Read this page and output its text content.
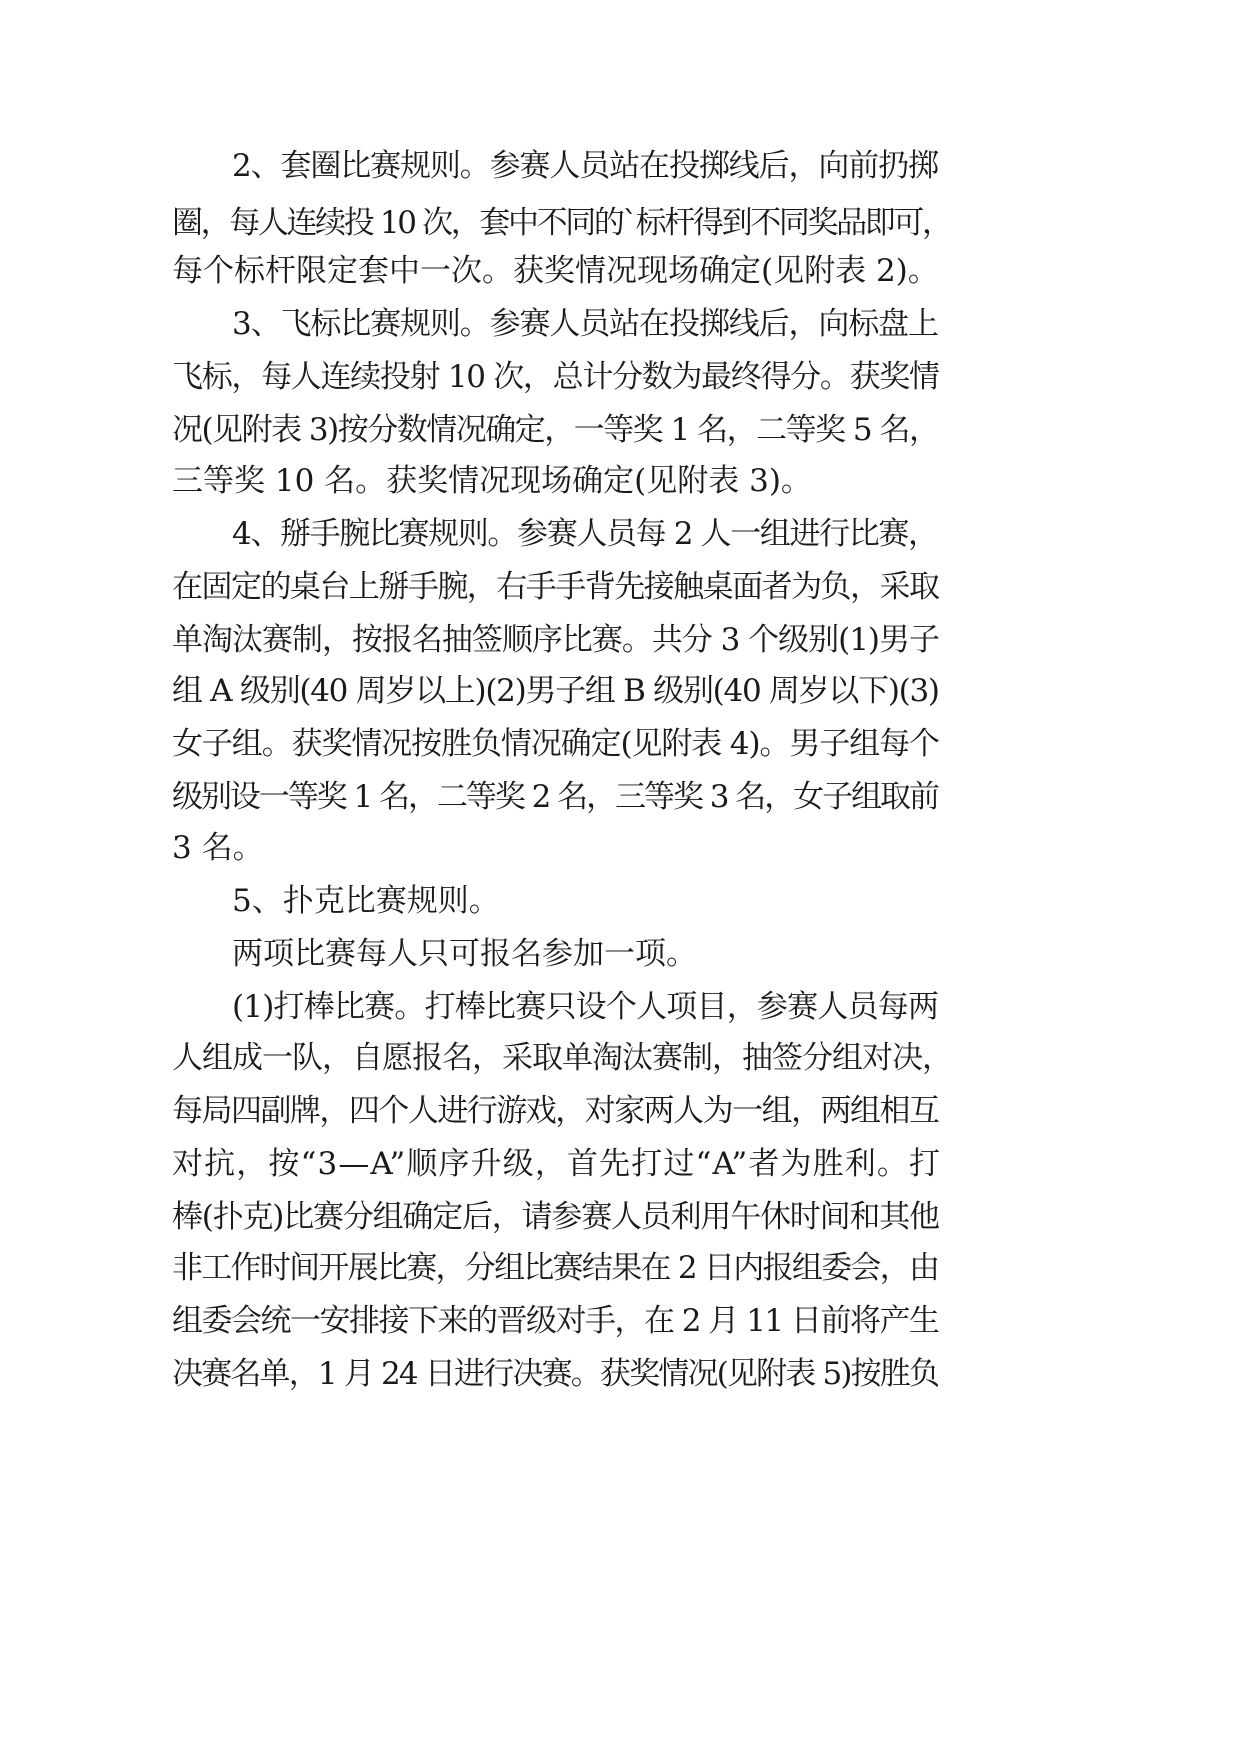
2、套圈比赛规则。参赛人员站在投掷线后，向前扔掷
圈，每人连续投 10 次，套中不同的`标杆得到不同奖品即可，
每个标杆限定套中一次。获奖情况现场确定(见附表 2)。
3、飞标比赛规则。参赛人员站在投掷线后，向标盘上
飞标，每人连续投射 10 次，总计分数为最终得分。获奖情
况(见附表 3)按分数情况确定，一等奖 1 名，二等奖 5 名，
三等奖 10 名。获奖情况现场确定(见附表 3)。
4、掰手腕比赛规则。参赛人员每 2 人一组进行比赛，
在固定的桌台上掰手腕，右手手背先接触桌面者为负，采取
单淘汰赛制，按报名抽签顺序比赛。共分 3 个级别(1)男子
组 A 级别(40 周岁以上)(2)男子组 B 级别(40 周岁以下)(3)
女子组。获奖情况按胜负情况确定(见附表 4)。男子组每个
级别设一等奖 1 名，二等奖 2 名，三等奖 3 名，女子组取前
3 名。
5、扑克比赛规则。
两项比赛每人只可报名参加一项。
(1)打棒比赛。打棒比赛只设个人项目，参赛人员每两
人组成一队，自愿报名，采取单淘汰赛制，抽签分组对决，
每局四副牌，四个人进行游戏，对家两人为一组，两组相互
对抗，按“3—A”顺序升级，首先打过“A”者为胜利。打
棒(扑克)比赛分组确定后，请参赛人员利用午休时间和其他
非工作时间开展比赛，分组比赛结果在 2 日内报组委会，由
组委会统一安排接下来的晋级对手，在 2 月 11 日前将产生
决赛名单，1 月 24 日进行决赛。获奖情况(见附表 5)按胜负
